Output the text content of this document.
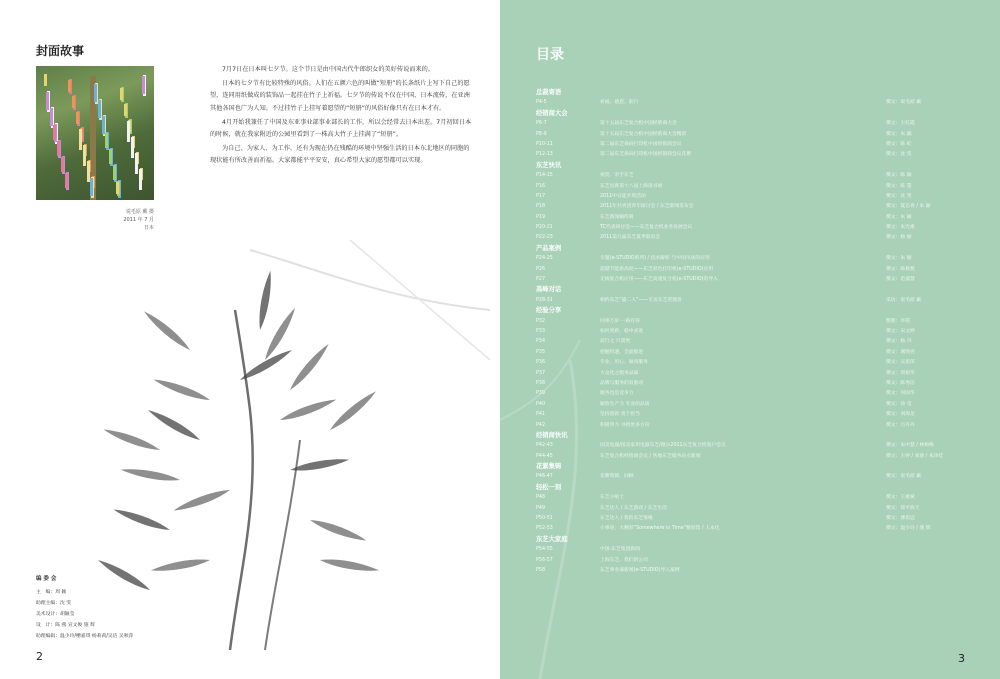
封面故事
说毛原 戴 摄
2011 年 7 月
日本

7月7日在日本叫七夕节。这个节日是由中国古代牛郎织女的美好传说而来的。

日本的七夕节有比较特殊的风俗。人们在五颜六色的叫做“短册”的长条纸片上写下自己的愿望，连同用纸做成的装饰品一起挂在竹子上祈福。七夕节的传说不仅在中国、日本流传，在亚洲其他各国也广为人知。不过挂竹子上挂写着愿望的“短册”的风俗好像只有在日本才有。

4月开始我兼任了中国及东亚事业部事业部长的工作，所以会经常去日本出差。7月初回日本的时候，就在我家附近的公园里看到了一株高大竹子上挂满了“短册”。

为自己、为家人、为工作，还有为现在仍在残酷的环境中坚强生活的日本东北地区的同胞的现状能有所改善而祈福。大家都能平平安安，真心希望大家的愿望都可以实现。

编 委 会
主　编：周 颖
助理主编：沈 雯
美术设计：胡颖莹
设　计：陈 燕 宣文俊 施 辉
助理编辑：温少玲/槽嘉琪 杨莉莉/吴洁 吴秋萍
2
目录
总裁寄语
P4-5	祈福、感恩、前行	撰文：说毛原 戴
经销商大会
P6-7	第十五届东芝复合机中国经销商大会	撰文：王红霞
P8-9	第十五届东芝复合机中国经销商大会精彩	撰文：朱 颖
P10-11	第二届东芝条码打印机中国经销商会议	撰文：陈 虹
P12-13	第二届东芝条码打印机中国经销商会议花絮	撰文：沈 雯
东芝快讯
P14-15	祝贺、亲手东芝	撰文：陈 颖
P16	东芝出席第十八届上海读书展	撰文：陈 慧
P17	2011中日徒步周活动	撰文：沈 雯
P18	2011年共青团青年研讨会 / 东芝新闻发布会	撰文：夏志青 / 朱 颖
P19	东芝新闻稿传阅	撰文：朱 颖
P20-21	TC代表研讨会——东芝复合机业务发展会议	撰文：朱光惠
P22-23	2011第九届东芝夏季联谊会	撰文：杨 丽
产品案例
P24-25	专题(e-STUDIO系列) / 技术解析 与中国市场的应用	撰文：朱 颖
P26	超越节能新高度——东芝彩色打印机(e-STUDIO)应用	撰文：陈秋燕
P27	无线复合机应用——东芝高速复合机(e-STUDIO)的导入	撰文：范淑慧
高峰对话
P28-31	相约东芝“盛二人”——专访东芝管理者	采访：说毛原 戴
经验分享
P32	同事万岁 一路有你	整理：李霞
P33	如何更新、稳中求进	撰文：宋文婷
P34	前行之 只需更	撰文：杨 丹
P35	把握机遇、全面推进	撰文：谢凯亮
P36	专业、用心、做真服务	撰文：吴思萍
P37	大众化之服务品质	撰文：周祖华
P38	品牌与服务的双驱动	撰文：陈秀洁
P39	服务也是竞争力	撰文：何国华
P40	解放生产力 专业的品质	撰文：徐 莹
P41	坚持创新 勇于担当	撰文：刘海龙
P42	积极努力 寻找更多方向	撰文：吕丹丹
经销商快讯
P42-43	国美电器/国美家用电器东芝/德尔2011东芝复合机客户会议	撰文：朱中慧 / 林梅梅
P44-45	东芝复合机经销商会议 / 各地东芝服务站点新闻	撰文：王婷 / 刘骏 / 朱泽佳
花絮集锦
P46-47	花絮集锦、回顾	撰文：说毛原 戴
轻松一刻
P48	东芝小贴士	撰文：王惠斌
P49	东芝达人 / 东芝游戏 / 东芝生活	撰文：郑平海天
P50-51	东芝达人 / 我的东芝情缘	撰文：傅思远
P52-53	小事迹，大精彩“Somewhere in Time”精彩选 / 人本化	撰文：温少玲 / 施 辉
东芝大家庭
P54-55	中国·东芝集团新闻
P56-57	上海东芝、我们的公司
P58	东芝事业部新闻(e-STUDIO)导入案例
3
